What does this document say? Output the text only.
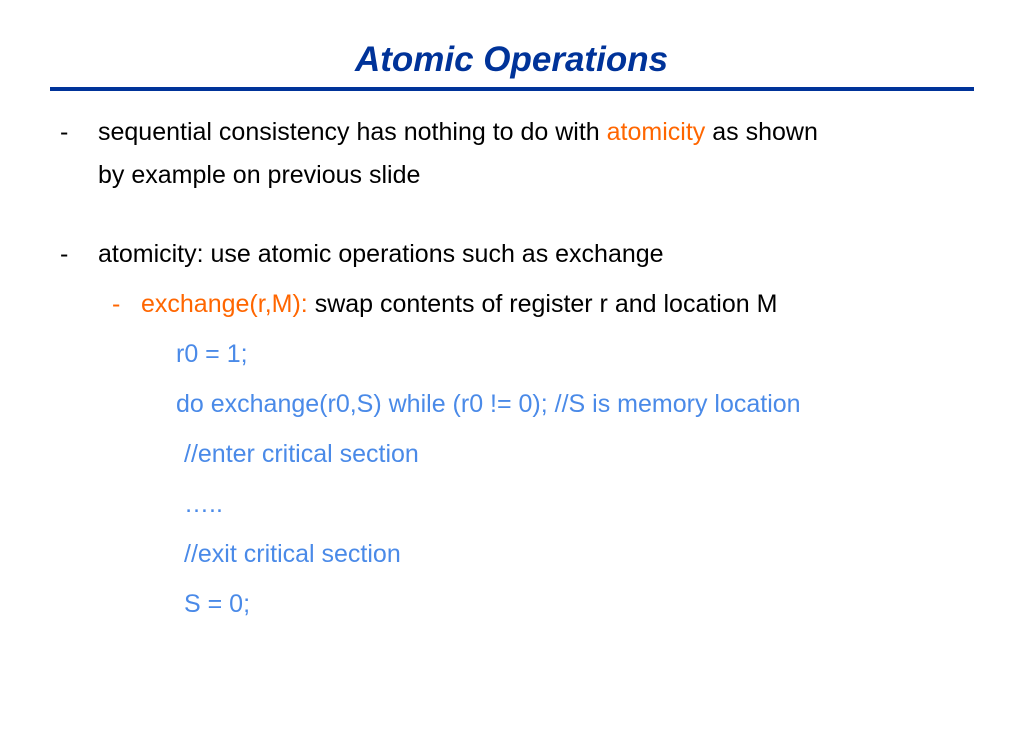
Atomic Operations
- sequential consistency has nothing to do with atomicity as shown
by example on previous slide
- atomicity: use atomic operations such as exchange
- exchange(r,M): swap contents of register r and location M
r0 = 1;
do exchange(r0,S) while (r0 != 0); //S is memory location
//enter critical section
…..
//exit critical section
S = 0;
